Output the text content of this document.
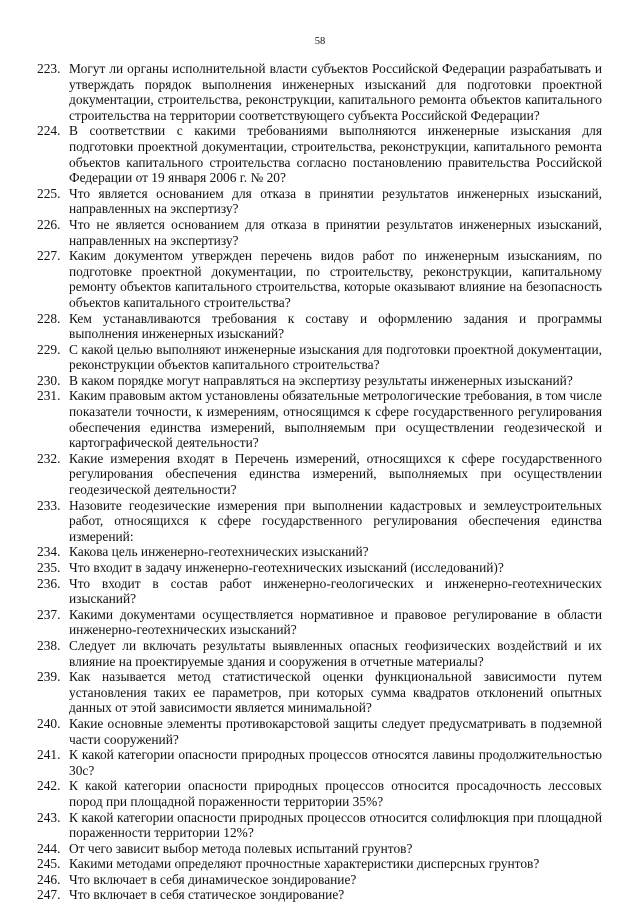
58
223. Могут ли органы исполнительной власти субъектов Российской Федерации разрабатывать и утверждать порядок выполнения инженерных изысканий для подготовки проектной документации, строительства, реконструкции, капитального ремонта объектов капитального строительства на территории соответствующего субъекта Российской Федерации?
224. В соответствии с какими требованиями выполняются инженерные изыскания для подготовки проектной документации, строительства, реконструкции, капитального ремонта объектов капитального строительства согласно постановлению правительства Российской Федерации от 19 января 2006 г. № 20?
225. Что является основанием для отказа в принятии результатов инженерных изысканий, направленных на экспертизу?
226. Что не является основанием для отказа в принятии результатов инженерных изысканий, направленных на экспертизу?
227. Каким документом утвержден перечень видов работ по инженерным изысканиям, по подготовке проектной документации, по строительству, реконструкции, капитальному ремонту объектов капитального строительства, которые оказывают влияние на безопасность объектов капитального строительства?
228. Кем устанавливаются требования к составу и оформлению задания и программы выполнения инженерных изысканий?
229. С какой целью выполняют инженерные изыскания для подготовки проектной документации, реконструкции объектов капитального строительства?
230. В каком порядке могут направляться на экспертизу результаты инженерных изысканий?
231. Каким правовым актом установлены обязательные метрологические требования, в том числе показатели точности, к измерениям, относящимся к сфере государственного регулирования обеспечения единства измерений, выполняемым при осуществлении геодезической и картографической деятельности?
232. Какие измерения входят в Перечень измерений, относящихся к сфере государственного регулирования обеспечения единства измерений, выполняемых при осуществлении геодезической деятельности?
233. Назовите геодезические измерения при выполнении кадастровых и землеустроительных работ, относящихся к сфере государственного регулирования обеспечения единства измерений:
234. Какова цель инженерно-геотехнических изысканий?
235. Что входит в задачу инженерно-геотехнических изысканий (исследований)?
236. Что входит в состав работ инженерно-геологических и инженерно-геотехнических изысканий?
237. Какими документами осуществляется нормативное и правовое регулирование в области инженерно-геотехнических изысканий?
238. Следует ли включать результаты выявленных опасных геофизических воздействий и их влияние на проектируемые здания и сооружения в отчетные материалы?
239. Как называется метод статистической оценки функциональной зависимости путем установления таких ее параметров, при которых сумма квадратов отклонений опытных данных от этой зависимости является минимальной?
240. Какие основные элементы противокарстовой защиты следует предусматривать в подземной части сооружений?
241. К какой категории опасности природных процессов относятся лавины продолжительностью 30с?
242. К какой категории опасности природных процессов относится просадочность лессовых пород при площадной пораженности территории 35%?
243. К какой категории опасности природных процессов относится солифлюкция при площадной пораженности территории 12%?
244. От чего зависит выбор метода полевых испытаний грунтов?
245. Какими методами определяют прочностные характеристики дисперсных грунтов?
246. Что включает в себя динамическое зондирование?
247. Что включает в себя статическое зондирование?
